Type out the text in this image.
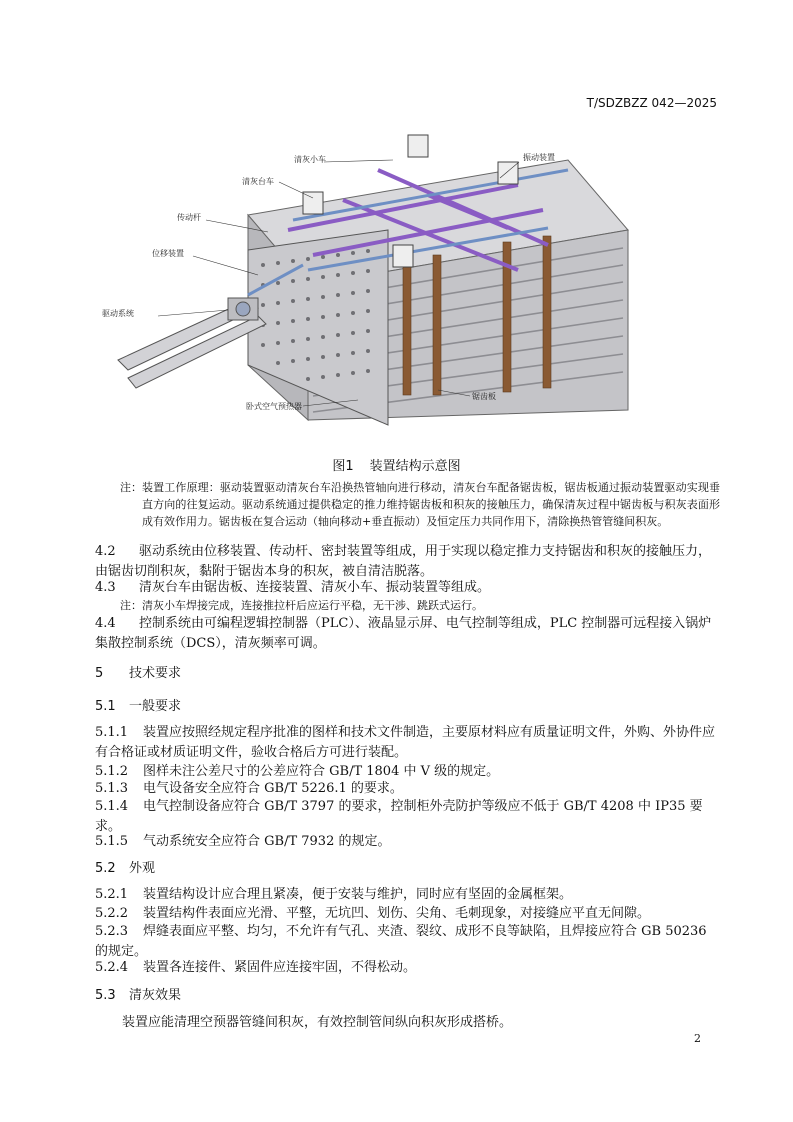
T/SDZBZZ 042—2025
清灰小车	振动装置
清灰台车
传动杆
位移装置
驱动系统
卧式空气预热器
锯齿板
图1 装置结构示意图
注： 装置工作原理：驱动装置驱动清灰台车沿换热管轴向进行移动，清灰台车配备锯齿板，锯齿板通过振动装置驱动实现垂直方向的往复运动。驱动系统通过提供稳定的推力维持锯齿板和积灰的接触压力，确保清灰过程中锯齿板与积灰表面形成有效作用力。锯齿板在复合运动（轴向移动+垂直振动）及恒定压力共同作用下，清除换热管管缝间积灰。
4.2 驱动系统由位移装置、传动杆、密封装置等组成，用于实现以稳定推力支持锯齿和积灰的接触压力，由锯齿切削积灰，黏附于锯齿本身的积灰，被自清洁脱落。
4.3 清灰台车由锯齿板、连接装置、清灰小车、振动装置等组成。
注：清灰小车焊接完成，连接推拉杆后应运行平稳，无干涉、跳跃式运行。
4.4 控制系统由可编程逻辑控制器（PLC）、液晶显示屏、电气控制等组成，PLC 控制器可远程接入锅炉集散控制系统（DCS），清灰频率可调。
5 技术要求
5.1 一般要求
5.1.1 装置应按照经规定程序批准的图样和技术文件制造，主要原材料应有质量证明文件，外购、外协件应有合格证或材质证明文件，验收合格后方可进行装配。
5.1.2 图样未注公差尺寸的公差应符合 GB/T 1804 中 V 级的规定。
5.1.3 电气设备安全应符合 GB/T 5226.1 的要求。
5.1.4 电气控制设备应符合 GB/T 3797 的要求，控制柜外壳防护等级应不低于 GB/T 4208 中 IP35 要求。
5.1.5 气动系统安全应符合 GB/T 7932 的规定。
5.2 外观
5.2.1 装置结构设计应合理且紧凑，便于安装与维护，同时应有坚固的金属框架。
5.2.2 装置结构件表面应光滑、平整，无坑凹、划伤、尖角、毛刺现象，对接缝应平直无间隙。
5.2.3 焊缝表面应平整、均匀，不允许有气孔、夹渣、裂纹、成形不良等缺陷，且焊接应符合 GB 50236 的规定。
5.2.4 装置各连接件、紧固件应连接牢固，不得松动。
5.3 清灰效果
装置应能清理空预器管缝间积灰，有效控制管间纵向积灰形成搭桥。
2
